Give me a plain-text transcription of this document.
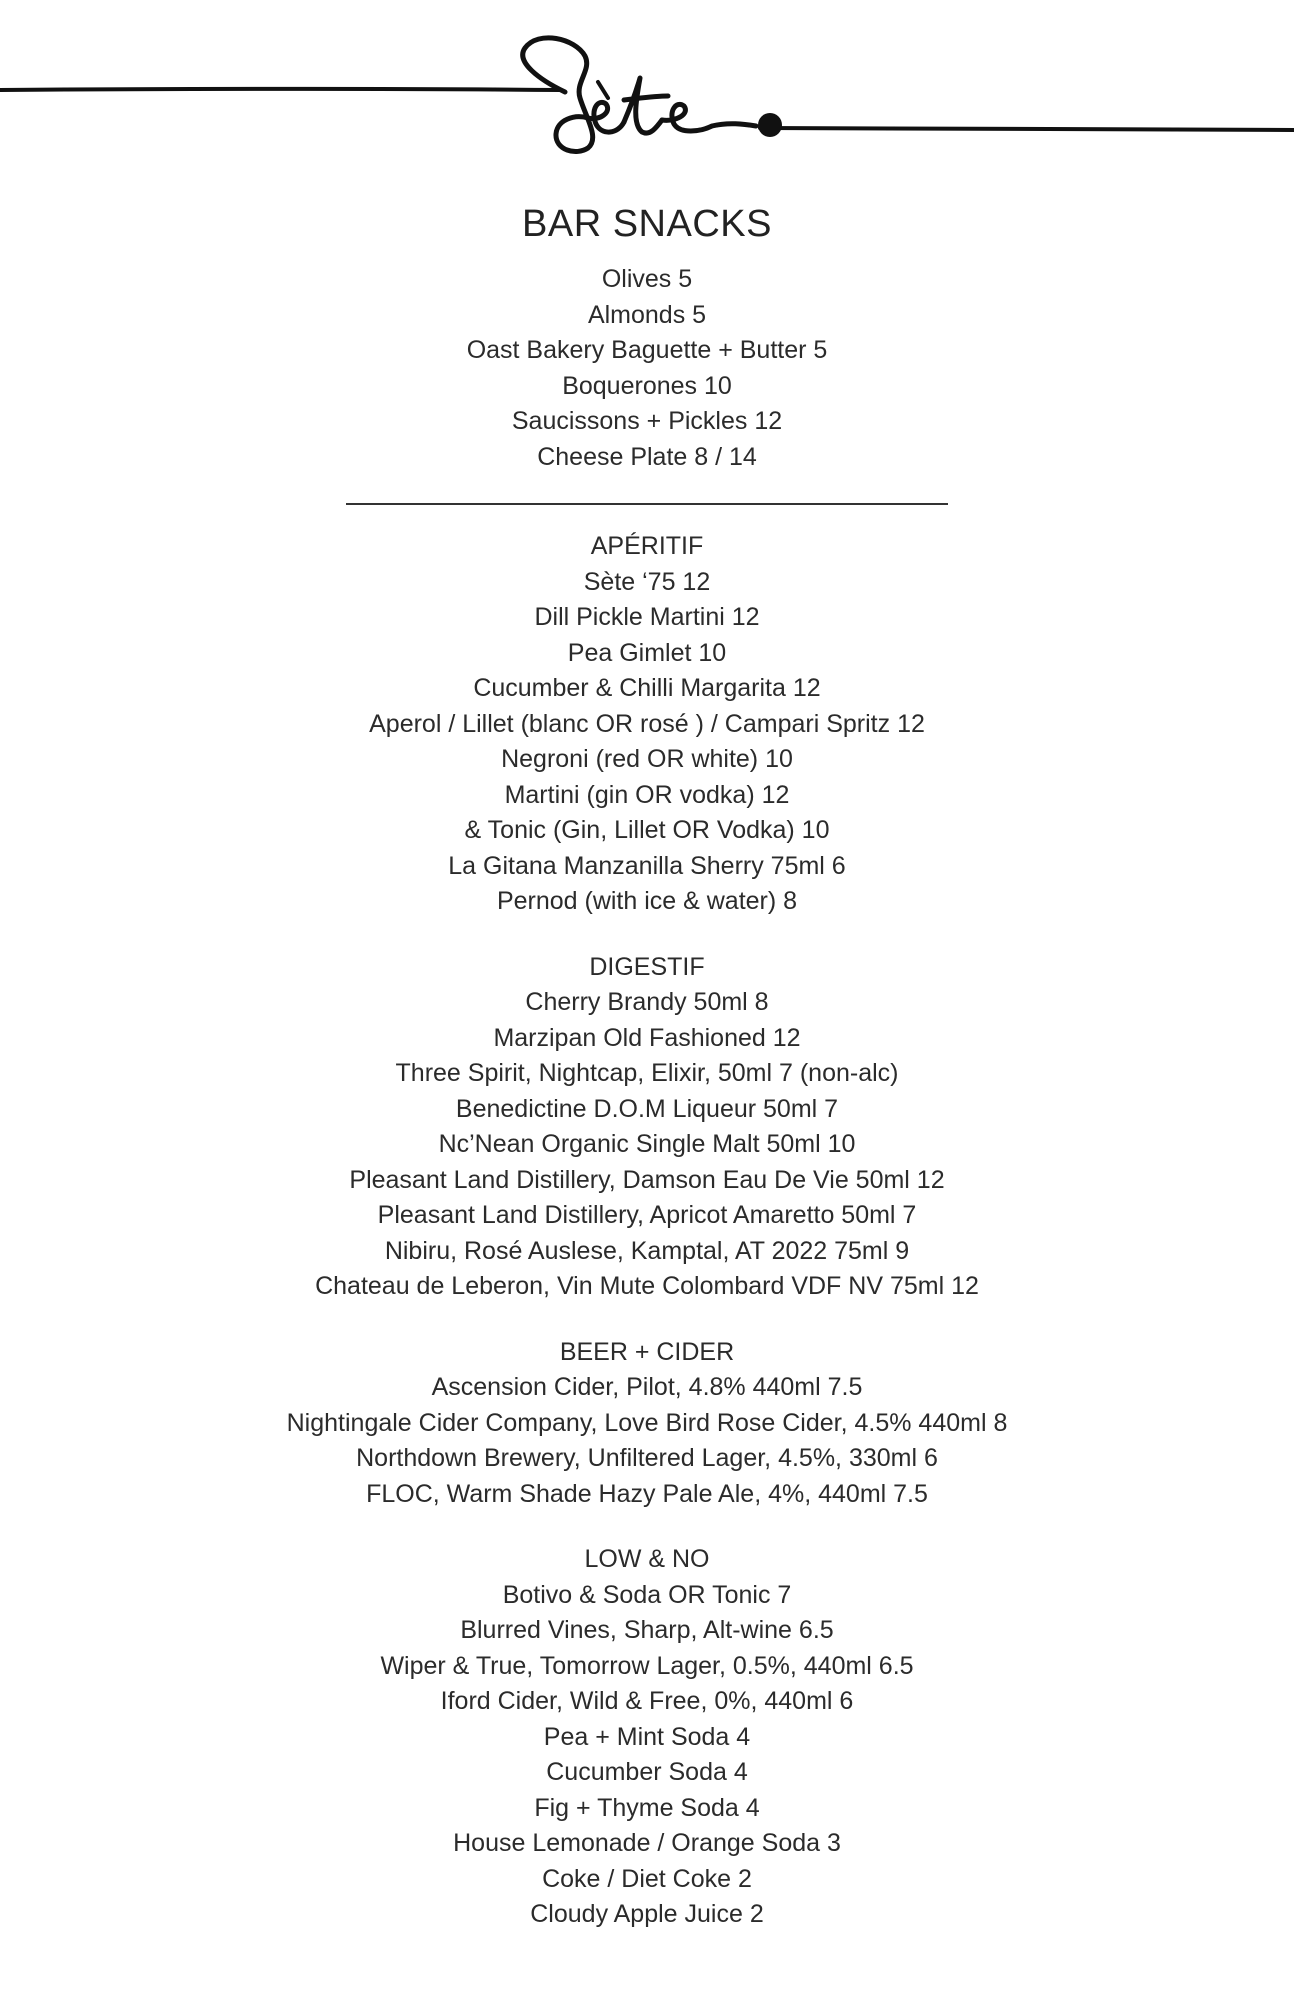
BAR SNACKS
Olives 5
Almonds 5
Oast Bakery Baguette + Butter 5
Boquerones 10
Saucissons + Pickles 12
Cheese Plate 8 / 14
APÉRITIF
Sète ‘75 12
Dill Pickle Martini 12
Pea Gimlet 10
Cucumber & Chilli Margarita 12
Aperol / Lillet (blanc OR rosé ) / Campari Spritz 12
Negroni (red OR white) 10
Martini (gin OR vodka) 12
& Tonic (Gin, Lillet OR Vodka) 10
La Gitana Manzanilla Sherry 75ml 6
Pernod (with ice & water) 8
DIGESTIF
Cherry Brandy 50ml 8
Marzipan Old Fashioned 12
Three Spirit, Nightcap, Elixir, 50ml 7 (non-alc)
Benedictine D.O.M Liqueur 50ml 7
Nc’Nean Organic Single Malt 50ml 10
Pleasant Land Distillery, Damson Eau De Vie 50ml 12
Pleasant Land Distillery, Apricot Amaretto 50ml 7
Nibiru, Rosé Auslese, Kamptal, AT 2022 75ml 9
Chateau de Leberon, Vin Mute Colombard VDF NV 75ml 12
BEER + CIDER
Ascension Cider, Pilot, 4.8% 440ml 7.5
Nightingale Cider Company, Love Bird Rose Cider, 4.5% 440ml 8
Northdown Brewery, Unfiltered Lager, 4.5%, 330ml 6
FLOC, Warm Shade Hazy Pale Ale, 4%, 440ml 7.5
LOW & NO
Botivo & Soda OR Tonic 7
Blurred Vines, Sharp, Alt-wine 6.5
Wiper & True, Tomorrow Lager, 0.5%, 440ml 6.5
Iford Cider, Wild & Free, 0%, 440ml 6
Pea + Mint Soda 4
Cucumber Soda 4
Fig + Thyme Soda 4
House Lemonade / Orange Soda 3
Coke / Diet Coke 2
Cloudy Apple Juice 2
